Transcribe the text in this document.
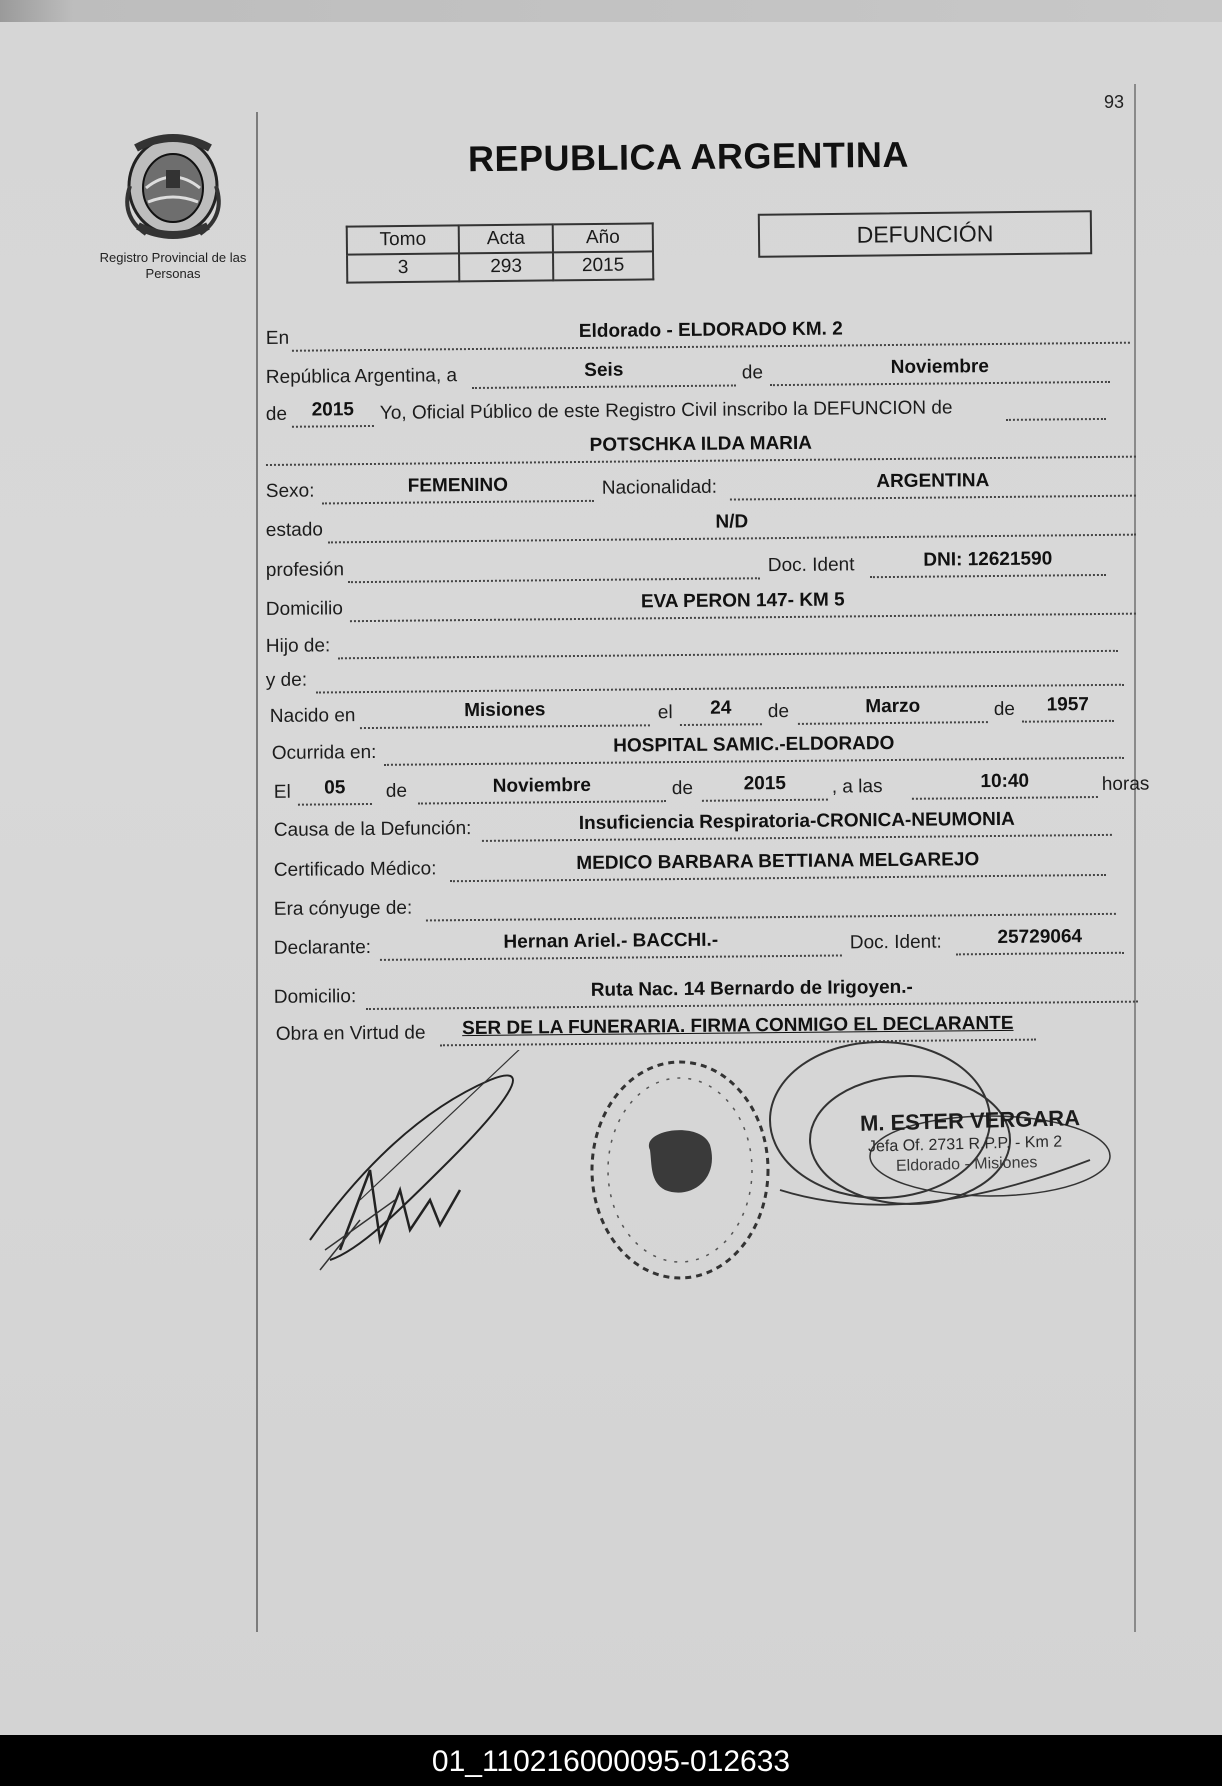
93
Registro Provincial de las Personas
REPUBLICA ARGENTINA
Tomo	Acta	Año
3	293	2015
DEFUNCIÓN
En	Eldorado - ELDORADO KM. 2
República Argentina, a	Seis	de	Noviembre
de	2015	Yo, Oficial Público de este Registro Civil inscribo la DEFUNCION de
POTSCHKA ILDA MARIA
Sexo:	FEMENINO	Nacionalidad:	ARGENTINA
estado	N/D
profesión	Doc. Ident	DNI: 12621590
Domicilio	EVA PERON 147- KM 5
Hijo de:
y de:
Nacido en	Misiones	el	24	de	Marzo	de	1957
Ocurrida en:	HOSPITAL SAMIC.-ELDORADO
El	05	de	Noviembre	de	2015	, a las	10:40	horas
Causa de la Defunción:	Insuficiencia Respiratoria-CRONICA-NEUMONIA
Certificado Médico:	MEDICO BARBARA BETTIANA MELGAREJO
Era cónyuge de:
Declarante:	Hernan Ariel.- BACCHI.-	Doc. Ident:	25729064
Domicilio:	Ruta Nac. 14 Bernardo de Irigoyen.-
Obra en Virtud de	SER DE LA FUNERARIA. FIRMA CONMIGO EL DECLARANTE
M. ESTER VERGARA
Jefa Of. 2731 R.P.P. - Km 2
Eldorado - Misiones
01_110216000095-012633
